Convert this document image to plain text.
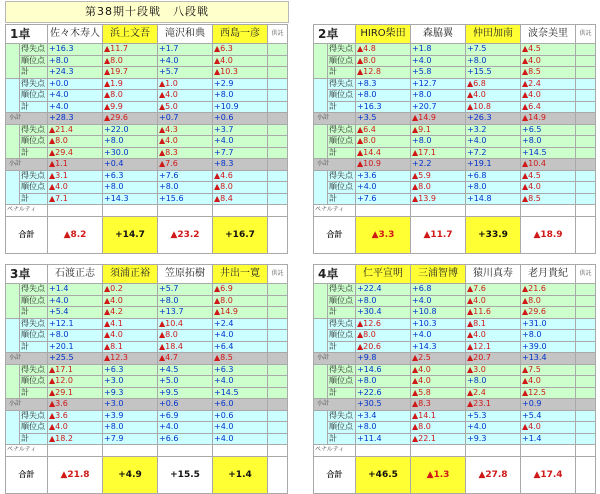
第38期十段戦　八段戦
1卓		佐々木寿人	浜上文吾	滝沢和典	西島一彦	供託
	得失点	+16.3	▲11.7	+1.7	▲6.3	
	順位点	+8.0	▲8.0	+4.0	▲4.0	
	計	+24.3	▲19.7	+5.7	▲10.3	
	得失点	+0.0	▲1.9	▲1.0	+2.9	
	順位点	+4.0	▲8.0	▲4.0	+8.0	
	計	+4.0	▲9.9	▲5.0	+10.9	
小計		+28.3	▲29.6	+0.7	+0.6	
	得失点	▲21.4	+22.0	▲4.3	+3.7	
	順位点	▲8.0	+8.0	▲4.0	+4.0	
	計	▲29.4	+30.0	▲8.3	+7.7	
小計		▲1.1	+0.4	▲7.6	+8.3	
	得失点	▲3.1	+6.3	+7.6	▲4.6	
	順位点	▲4.0	+8.0	+8.0	▲8.0	
	計	▲7.1	+14.3	+15.6	▲8.4	
ペナルティ						
合計		▲8.2	+14.7	▲23.2	+16.7	
2卓		HIRO柴田	森脇翼	仲田加南	波奈美里	供託
	得失点	▲4.8	+1.8	+7.5	▲4.5	
	順位点	▲8.0	+4.0	+8.0	▲4.0	
	計	▲12.8	+5.8	+15.5	▲8.5	
	得失点	+8.3	+12.7	▲6.8	▲2.4	
	順位点	+8.0	+8.0	▲4.0	▲4.0	
	計	+16.3	+20.7	▲10.8	▲6.4	
小計		+3.5	▲14.9	+26.3	▲14.9	
	得失点	▲6.4	▲9.1	+3.2	+6.5	
	順位点	▲8.0	+8.0	+4.0	+8.0	
	計	▲14.4	▲17.1	+7.2	+14.5	
小計		▲10.9	+2.2	+19.1	▲10.4	
	得失点	+3.6	▲5.9	+6.8	▲4.5	
	順位点	+4.0	▲8.0	+8.0	▲4.0	
	計	+7.6	▲13.9	+14.8	▲8.5	
ペナルティ						
合計		▲3.3	▲11.7	+33.9	▲18.9	
3卓		石渡正志	須浦正裕	笠原拓樹	井出一寛	供託
	得失点	+1.4	▲0.2	+5.7	▲6.9	
	順位点	+4.0	▲4.0	+8.0	▲8.0	
	計	+5.4	▲4.2	+13.7	▲14.9	
	得失点	+12.1	▲4.1	▲10.4	+2.4	
	順位点	+8.0	▲4.0	▲8.0	+4.0	
	計	+20.1	▲8.1	▲18.4	+6.4	
小計		+25.5	▲12.3	▲4.7	▲8.5	
	得失点	▲17.1	+6.3	+4.5	+6.3	
	順位点	▲12.0	+3.0	+5.0	+4.0	
	計	▲29.1	+9.3	+9.5	+14.5	
小計		▲3.6	+3.0	+0.6	+6.0	
	得失点	▲3.6	+3.9	+6.9	+0.6	
	順位点	▲4.0	+8.0	+4.0	+4.0	
	計	▲18.2	+7.9	+6.6	+4.0	
ペナルティ						
合計		▲21.8	+4.9	+15.5	+1.4	
4卓		仁平宣明	三浦智博	猿川真寿	老月貴紀	供託
	得失点	+22.4	+6.8	▲7.6	▲21.6	
	順位点	+8.0	+4.0	▲4.0	▲8.0	
	計	+30.4	+10.8	▲11.6	▲29.6	
	得失点	▲12.6	+10.3	▲8.1	+31.0	
	順位点	▲8.0	+4.0	▲4.0	+8.0	
	計	▲20.6	+14.3	▲12.1	+39.0	
小計		+9.8	▲2.5	▲20.7	+13.4	
	得失点	+14.6	▲4.0	▲3.0	▲7.5	
	順位点	+8.0	▲4.0	+8.0	▲4.0	
	計	+22.6	▲5.8	▲2.4	▲12.5	
小計		+30.5	▲8.3	▲23.1	+0.9	
	得失点	+3.4	▲14.1	+5.3	+5.4	
	順位点	+8.0	▲8.0	+4.0	▲4.0	
	計	+11.4	▲22.1	+9.3	+1.4	
ペナルティ						
合計		+46.5	▲1.3	▲27.8	▲17.4	
